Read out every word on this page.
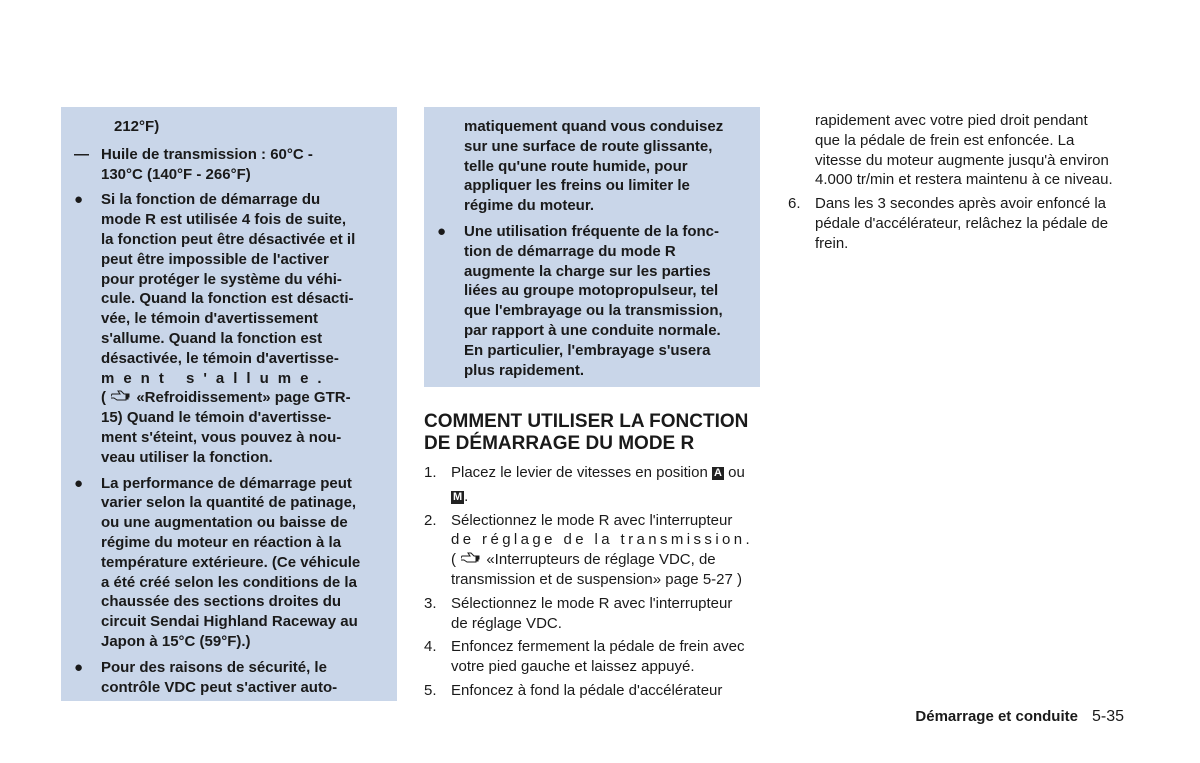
212°F)
— Huile de transmission : 60°C -
130°C (140°F - 266°F)
● Si la fonction de démarrage du
mode R est utilisée 4 fois de suite,
la fonction peut être désactivée et il
peut être impossible de l'activer
pour protéger le système du véhi-
cule. Quand la fonction est désacti-
vée, le témoin d'avertissement
s'allume. Quand la fonction est
désactivée, le témoin d'avertisse-
ment s'allume.
( «Refroidissement» page GTR-
15) Quand le témoin d'avertisse-
ment s'éteint, vous pouvez à nou-
veau utiliser la fonction.
● La performance de démarrage peut
varier selon la quantité de patinage,
ou une augmentation ou baisse de
régime du moteur en réaction à la
température extérieure. (Ce véhicule
a été créé selon les conditions de la
chaussée des sections droites du
circuit Sendai Highland Raceway au
Japon à 15°C (59°F).)
● Pour des raisons de sécurité, le
contrôle VDC peut s'activer auto-
matiquement quand vous conduisez
sur une surface de route glissante,
telle qu'une route humide, pour
appliquer les freins ou limiter le
régime du moteur.
● Une utilisation fréquente de la fonc-
tion de démarrage du mode R
augmente la charge sur les parties
liées au groupe motopropulseur, tel
que l'embrayage ou la transmission,
par rapport à une conduite normale.
En particulier, l'embrayage s'usera
plus rapidement.
COMMENT UTILISER LA FONCTION
DE DÉMARRAGE DU MODE R
1. Placez le levier de vitesses en position A ou
M .
2. Sélectionnez le mode R avec l'interrupteur
de réglage de la transmission.
( «Interrupteurs de réglage VDC, de
transmission et de suspension» page 5-27 )
3. Sélectionnez le mode R avec l'interrupteur
de réglage VDC.
4. Enfoncez fermement la pédale de frein avec
votre pied gauche et laissez appuyé.
5. Enfoncez à fond la pédale d'accélérateur
rapidement avec votre pied droit pendant
que la pédale de frein est enfoncée. La
vitesse du moteur augmente jusqu'à environ
4.000 tr/min et restera maintenu à ce niveau.
6. Dans les 3 secondes après avoir enfoncé la
pédale d'accélérateur, relâchez la pédale de
frein.
Démarrage et conduite 5-35
